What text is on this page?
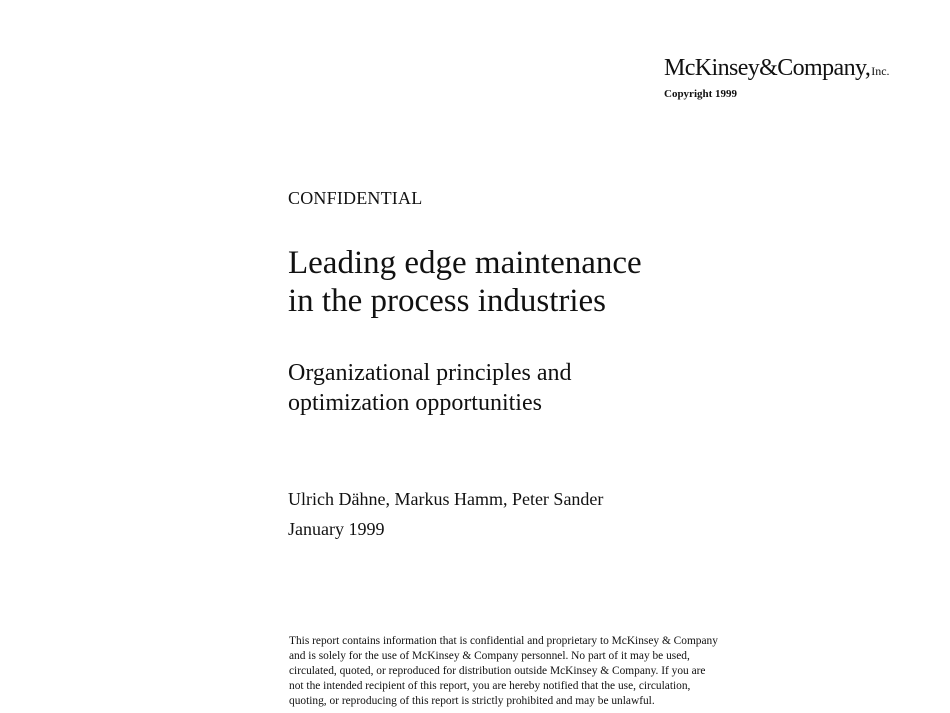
McKinsey&Company,Inc.
Copyright 1999
CONFIDENTIAL
Leading edge maintenance
in the process industries
Organizational principles and
optimization opportunities
Ulrich Dähne, Markus Hamm, Peter Sander
January 1999
This report contains information that is confidential and proprietary to McKinsey & Company
and is solely for the use of McKinsey & Company personnel. No part of it may be used,
circulated, quoted, or reproduced for distribution outside McKinsey & Company. If you are
not the intended recipient of this report, you are hereby notified that the use, circulation,
quoting, or reproducing of this report is strictly prohibited and may be unlawful.
